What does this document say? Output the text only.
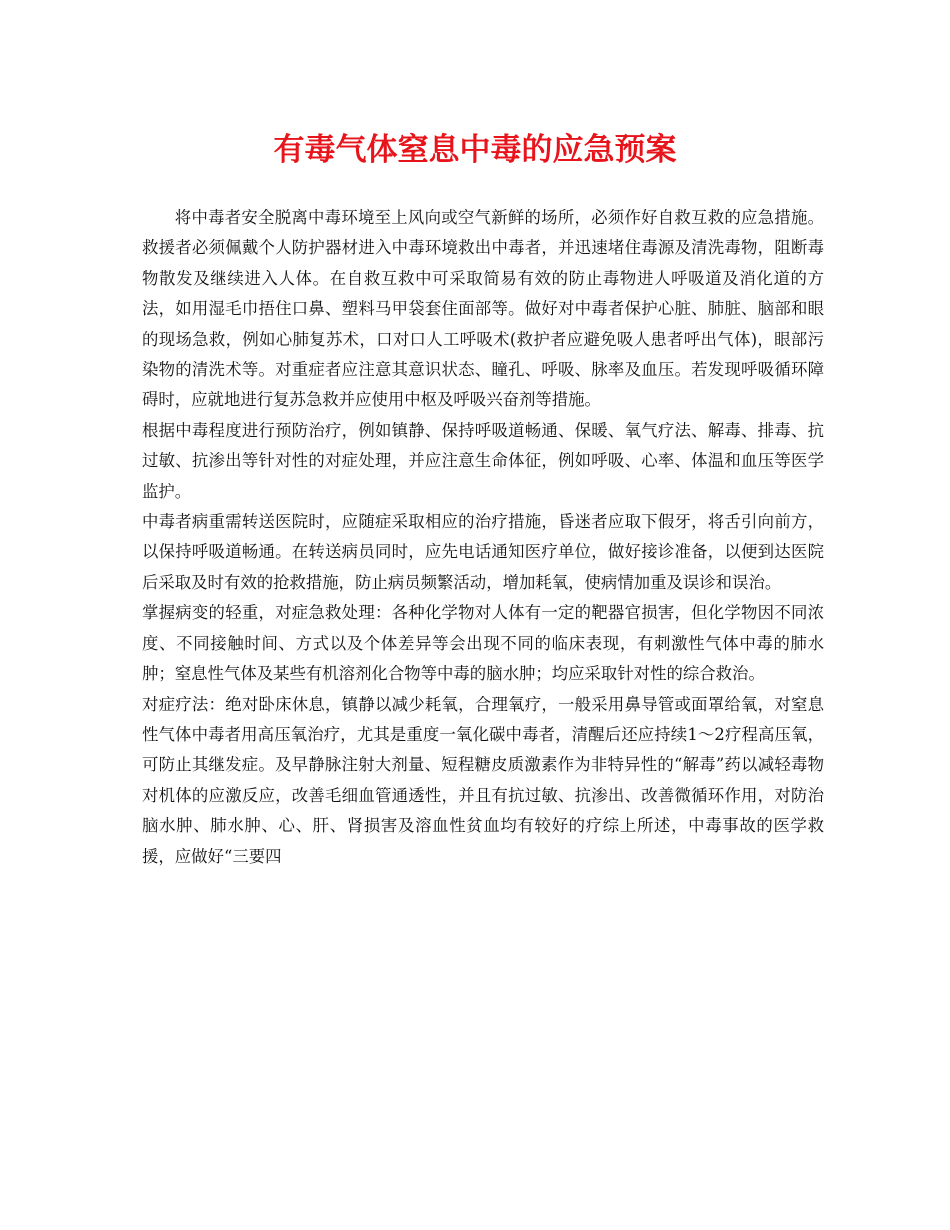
有毒气体窒息中毒的应急预案

将中毒者安全脱离中毒环境至上风向或空气新鲜的场所，必须作好自救互救的应急措施。救援者必须佩戴个人防护器材进入中毒环境救出中毒者，并迅速堵住毒源及清洗毒物，阻断毒物散发及继续进入人体。在自救互救中可采取简易有效的防止毒物进人呼吸道及消化道的方法，如用湿毛巾捂住口鼻、塑料马甲袋套住面部等。做好对中毒者保护心脏、肺脏、脑部和眼的现场急救，例如心肺复苏术，口对口人工呼吸术(救护者应避免吸人患者呼出气体)，眼部污染物的清洗术等。对重症者应注意其意识状态、瞳孔、呼吸、脉率及血压。若发现呼吸循环障碍时，应就地进行复苏急救并应使用中枢及呼吸兴奋剂等措施。

根据中毒程度进行预防治疗，例如镇静、保持呼吸道畅通、保暖、氧气疗法、解毒、排毒、抗过敏、抗渗出等针对性的对症处理，并应注意生命体征，例如呼吸、心率、体温和血压等医学监护。

中毒者病重需转送医院时，应随症采取相应的治疗措施，昏迷者应取下假牙，将舌引向前方，以保持呼吸道畅通。在转送病员同时，应先电话通知医疗单位，做好接诊准备，以便到达医院后采取及时有效的抢救措施，防止病员频繁活动，增加耗氧，使病情加重及误诊和误治。

掌握病变的轻重，对症急救处理：各种化学物对人体有一定的靶器官损害，但化学物因不同浓度、不同接触时间、方式以及个体差异等会出现不同的临床表现，有刺激性气体中毒的肺水肿；窒息性气体及某些有机溶剂化合物等中毒的脑水肿；均应采取针对性的综合救治。

对症疗法：绝对卧床休息，镇静以减少耗氧，合理氧疗，一般采用鼻导管或面罩给氧，对窒息性气体中毒者用高压氧治疗，尤其是重度一氧化碳中毒者，清醒后还应持续1～2疗程高压氧，可防止其继发症。及早静脉注射大剂量、短程糖皮质激素作为非特异性的“解毒”药以减轻毒物对机体的应激反应，改善毛细血管通透性，并且有抗过敏、抗渗出、改善微循环作用，对防治脑水肿、肺水肿、心、肝、肾损害及溶血性贫血均有较好的疗综上所述，中毒事故的医学救援，应做好“三要四
